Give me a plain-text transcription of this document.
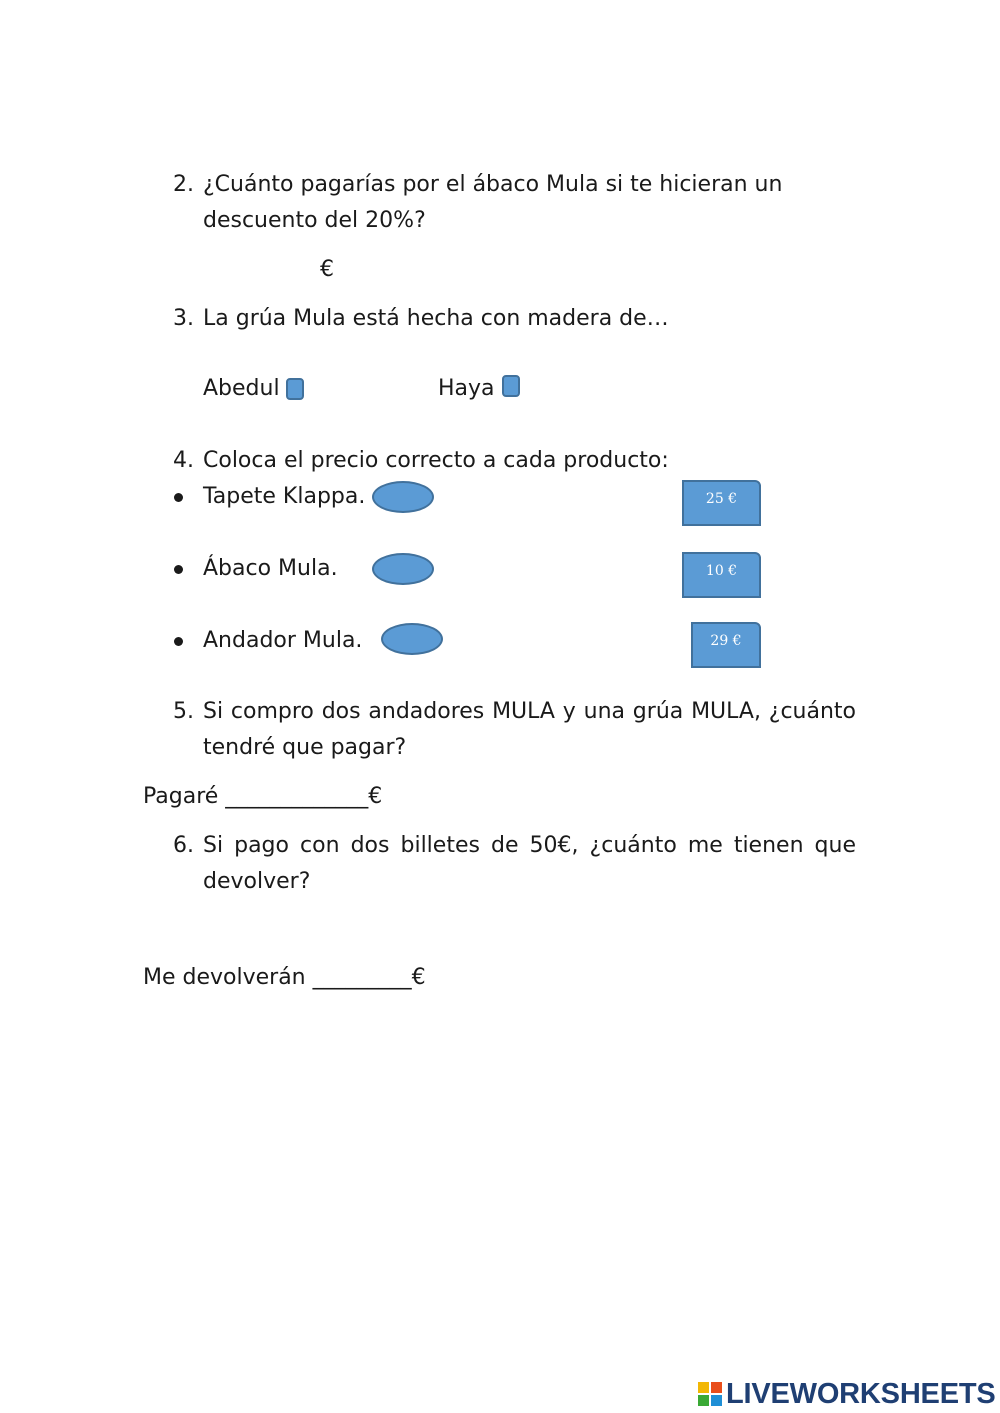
2. ¿Cuánto pagarías por el ábaco Mula si te hicieran un
descuento del 20%?
€
3. La grúa Mula está hecha con madera de…
Abedul	Haya
4. Coloca el precio correcto a cada producto:
Tapete Klappa.
Ábaco Mula.
Andador Mula.
25 €
10 €
29 €
5. Si compro dos andadores MULA y una grúa MULA, ¿cuánto
tendré que pagar?
Pagaré _____________€
6. Si pago con dos billetes de 50€, ¿cuánto me tienen que
devolver?
Me devolverán _________€
LIVEWORKSHEETS
